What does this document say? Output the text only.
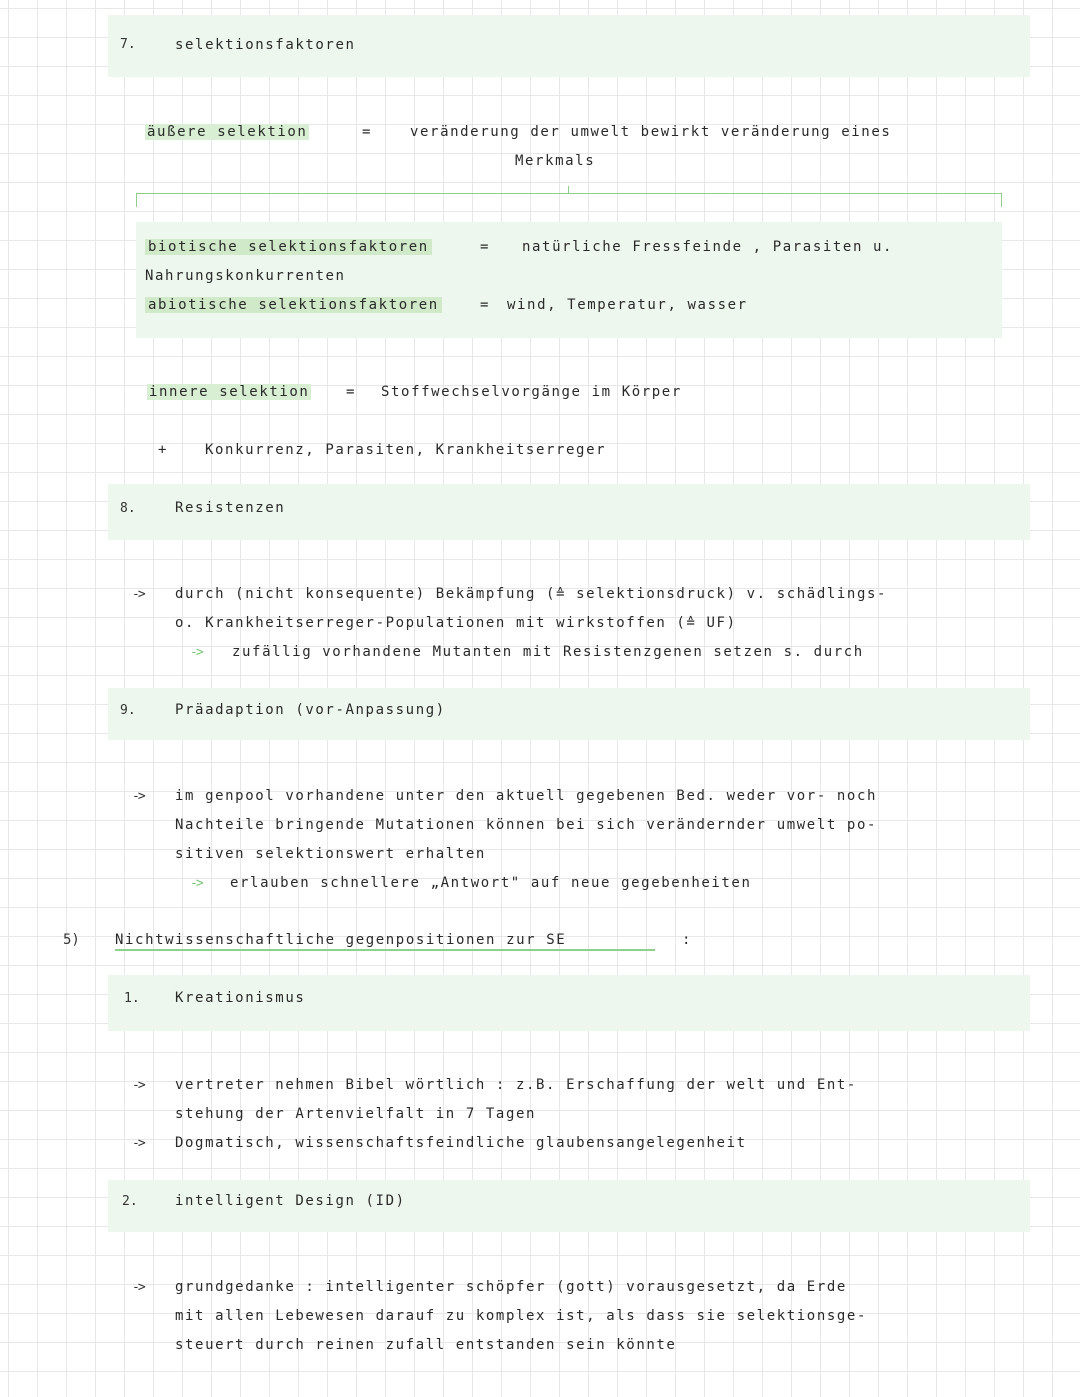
7.	selektionsfaktoren
äußere selektion	=	veränderung der umwelt bewirkt veränderung eines
Merkmals
biotische selektionsfaktoren	= natürliche Fressfeinde , Parasiten u.
Nahrungskonkurrenten
abiotische selektionsfaktoren	= wind, Temperatur, wasser
innere selektion	= Stoffwechselvorgänge im Körper
+	Konkurrenz, Parasiten, Krankheitserreger
8.	Resistenzen
-> durch (nicht konsequente) Bekämpfung (≙ selektionsdruck) v. schädlings-
o. Krankheitserreger-Populationen mit wirkstoffen (≙ UF)
-> zufällig vorhandene Mutanten mit Resistenzgenen setzen s. durch
9.	Präadaption (vor-Anpassung)
-> im genpool vorhandene unter den aktuell gegebenen Bed. weder vor- noch
Nachteile bringende Mutationen können bei sich verändernder umwelt po-
sitiven selektionswert erhalten
-> erlauben schnellere „Antwort" auf neue gegebenheiten
5)	Nichtwissenschaftliche gegenpositionen zur SE	:
1.	Kreationismus
-> vertreter nehmen Bibel wörtlich : z.B. Erschaffung der welt und Ent-
stehung der Artenvielfalt in 7 Tagen
-> Dogmatisch, wissenschaftsfeindliche glaubensangelegenheit
2.	intelligent Design (ID)
-> grundgedanke : intelligenter schöpfer (gott) vorausgesetzt, da Erde
mit allen Lebewesen darauf zu komplex ist, als dass sie selektionsge-
steuert durch reinen zufall entstanden sein könnte
